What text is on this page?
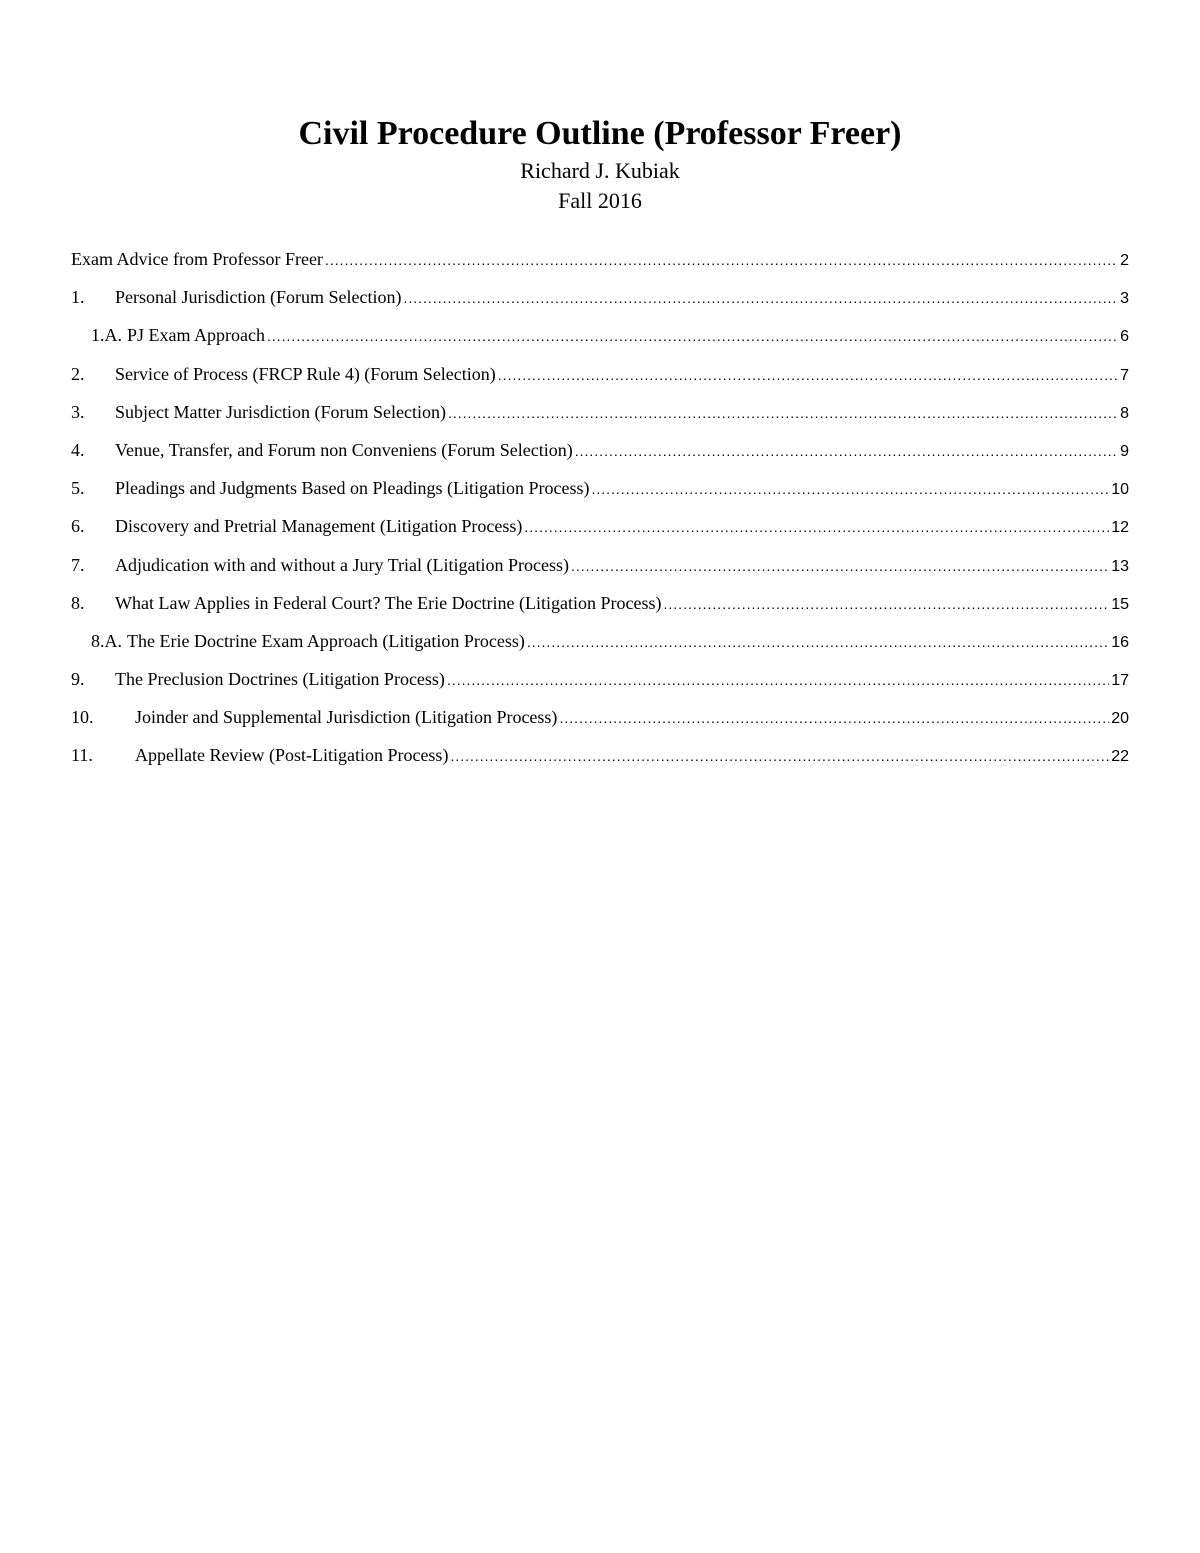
Civil Procedure Outline (Professor Freer)

Richard J. Kubiak

Fall 2016

Exam Advice from Professor Freer .....	2
1.	Personal Jurisdiction (Forum Selection) .....	3
1.A. PJ Exam Approach .....	6
2.	Service of Process (FRCP Rule 4) (Forum Selection) .....	7
3.	Subject Matter Jurisdiction (Forum Selection) .....	8
4.	Venue, Transfer, and Forum non Conveniens (Forum Selection) .....	9
5.	Pleadings and Judgments Based on Pleadings (Litigation Process) .....	10
6.	Discovery and Pretrial Management (Litigation Process) .....	12
7.	Adjudication with and without a Jury Trial (Litigation Process) .....	13
8.	What Law Applies in Federal Court? The Erie Doctrine (Litigation Process) .....	15
8.A. The Erie Doctrine Exam Approach (Litigation Process) .....	16
9.	The Preclusion Doctrines (Litigation Process) .....	17
10.	Joinder and Supplemental Jurisdiction (Litigation Process) .....	20
11.	Appellate Review (Post-Litigation Process) .....	22
